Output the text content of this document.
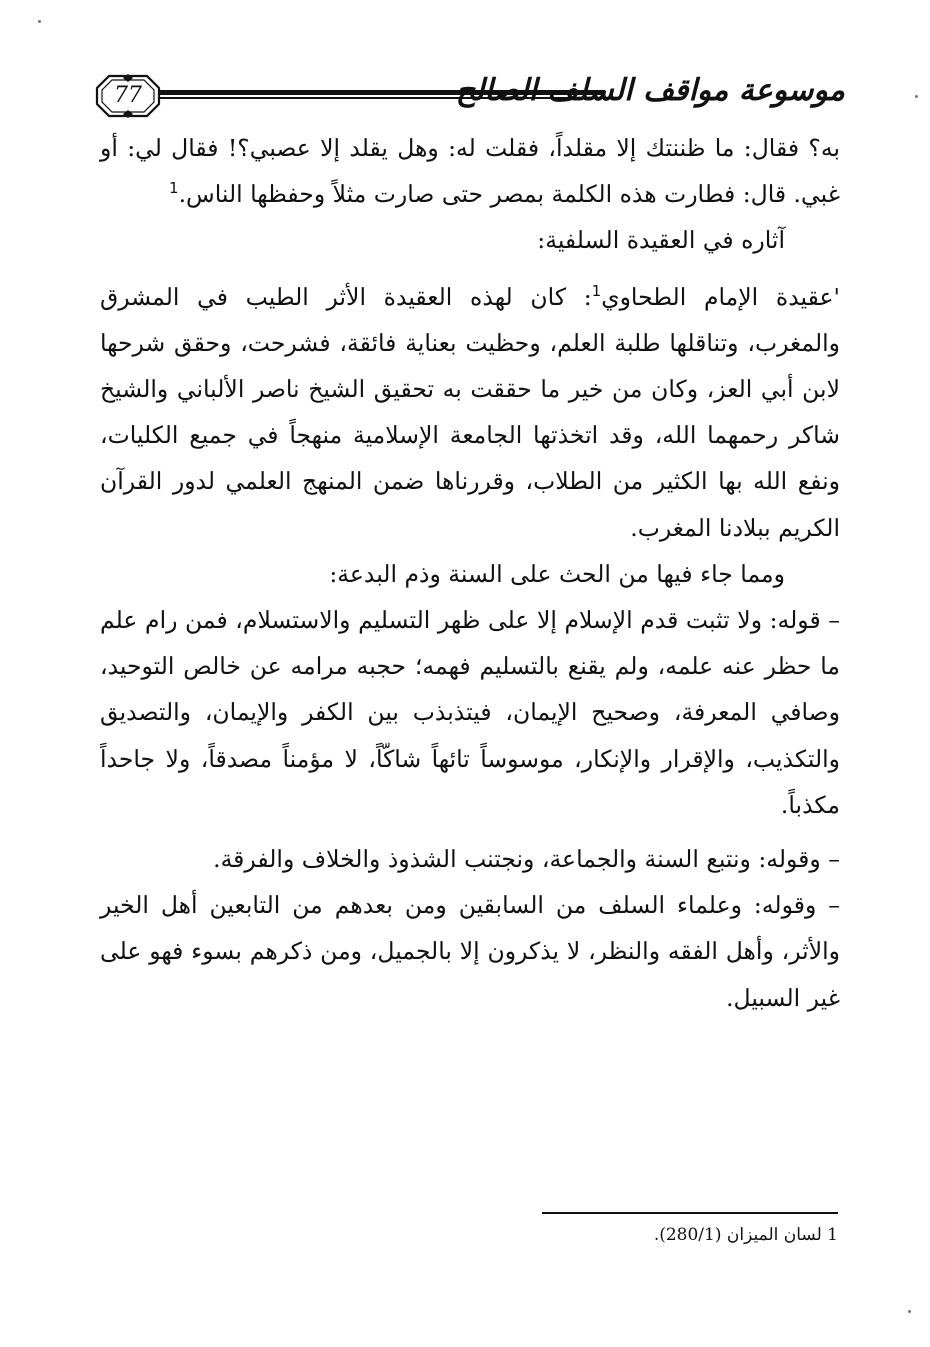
77	موسوعة مواقف السلف الصالح

به؟ فقال: ما ظننتك إلا مقلداً، فقلت له: وهل يقلد إلا عصبي؟! فقال لي: أو غبي. قال: فطارت هذه الكلمة بمصر حتى صارت مثلاً وحفظها الناس.$^1$

آثاره في العقيدة السلفية:

'عقيدة الإمام الطحاوي$^1$: كان لهذه العقيدة الأثر الطيب في المشرق والمغرب، وتناقلها طلبة العلم، وحظيت بعناية فائقة، فشرحت، وحقق شرحها لابن أبي العز، وكان من خير ما حققت به تحقيق الشيخ ناصر الألباني والشيخ شاكر رحمهما الله، وقد اتخذتها الجامعة الإسلامية منهجاً في جميع الكليات، ونفع الله بها الكثير من الطلاب، وقررناها ضمن المنهج العلمي لدور القرآن الكريم ببلادنا المغرب.

ومما جاء فيها من الحث على السنة وذم البدعة:

– قوله: ولا تثبت قدم الإسلام إلا على ظهر التسليم والاستسلام، فمن رام علم ما حظر عنه علمه، ولم يقنع بالتسليم فهمه؛ حجبه مرامه عن خالص التوحيد، وصافي المعرفة، وصحيح الإيمان، فيتذبذب بين الكفر والإيمان، والتصديق والتكذيب، والإقرار والإنكار، موسوساً تائهاً شاكّاً، لا مؤمناً مصدقاً، ولا جاحداً مكذباً.

– وقوله: ونتبع السنة والجماعة، ونجتنب الشذوذ والخلاف والفرقة.

– وقوله: وعلماء السلف من السابقين ومن بعدهم من التابعين أهل الخير والأثر، وأهل الفقه والنظر، لا يذكرون إلا بالجميل، ومن ذكرهم بسوء فهو على غير السبيل.

1 لسان الميزان (280/1).
